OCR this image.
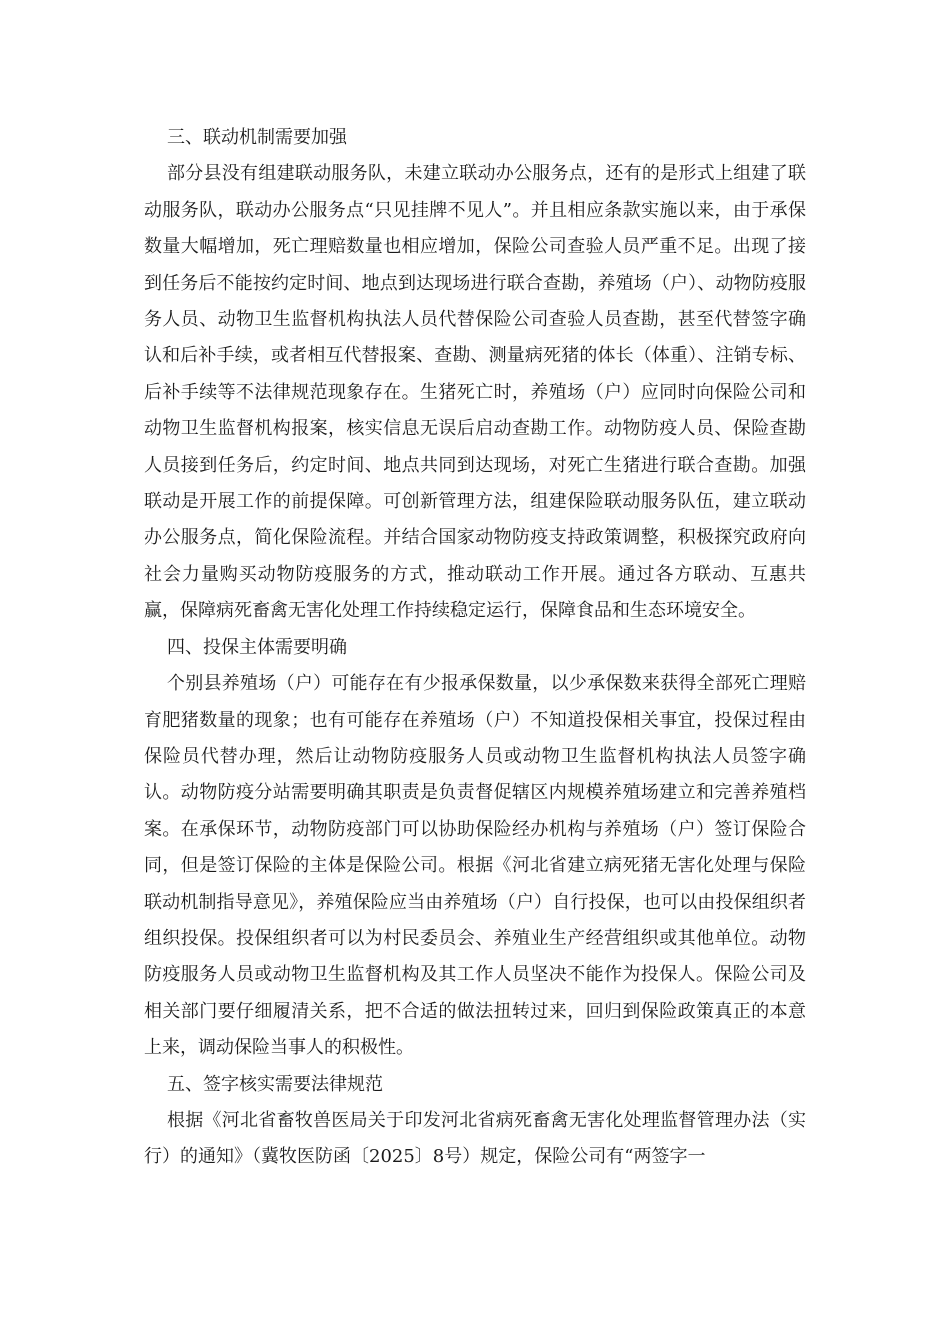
三、联动机制需要加强

部分县没有组建联动服务队，未建立联动办公服务点，还有的是形式上组建了联动服务队，联动办公服务点“只见挂牌不见人”。并且相应条款实施以来，由于承保数量大幅增加，死亡理赔数量也相应增加，保险公司查验人员严重不足。出现了接到任务后不能按约定时间、地点到达现场进行联合查勘，养殖场（户）、动物防疫服务人员、动物卫生监督机构执法人员代替保险公司查验人员查勘，甚至代替签字确认和后补手续，或者相互代替报案、查勘、测量病死猪的体长（体重）、注销专标、后补手续等不法律规范现象存在。生猪死亡时，养殖场（户）应同时向保险公司和动物卫生监督机构报案，核实信息无误后启动查勘工作。动物防疫人员、保险查勘人员接到任务后，约定时间、地点共同到达现场，对死亡生猪进行联合查勘。加强联动是开展工作的前提保障。可创新管理方法，组建保险联动服务队伍，建立联动办公服务点，简化保险流程。并结合国家动物防疫支持政策调整，积极探究政府向社会力量购买动物防疫服务的方式，推动联动工作开展。通过各方联动、互惠共赢，保障病死畜禽无害化处理工作持续稳定运行，保障食品和生态环境安全。

四、投保主体需要明确

个别县养殖场（户）可能存在有少报承保数量，以少承保数来获得全部死亡理赔育肥猪数量的现象；也有可能存在养殖场（户）不知道投保相关事宜，投保过程由保险员代替办理，然后让动物防疫服务人员或动物卫生监督机构执法人员签字确认。动物防疫分站需要明确其职责是负责督促辖区内规模养殖场建立和完善养殖档案。在承保环节，动物防疫部门可以协助保险经办机构与养殖场（户）签订保险合同，但是签订保险的主体是保险公司。根据《河北省建立病死猪无害化处理与保险联动机制指导意见》，养殖保险应当由养殖场（户）自行投保，也可以由投保组织者组织投保。投保组织者可以为村民委员会、养殖业生产经营组织或其他单位。动物防疫服务人员或动物卫生监督机构及其工作人员坚决不能作为投保人。保险公司及相关部门要仔细履清关系，把不合适的做法扭转过来，回归到保险政策真正的本意上来，调动保险当事人的积极性。

五、签字核实需要法律规范

根据《河北省畜牧兽医局关于印发河北省病死畜禽无害化处理监督管理办法（实行）的通知》（冀牧医防函〔2025〕8号）规定，保险公司有“两签字一
